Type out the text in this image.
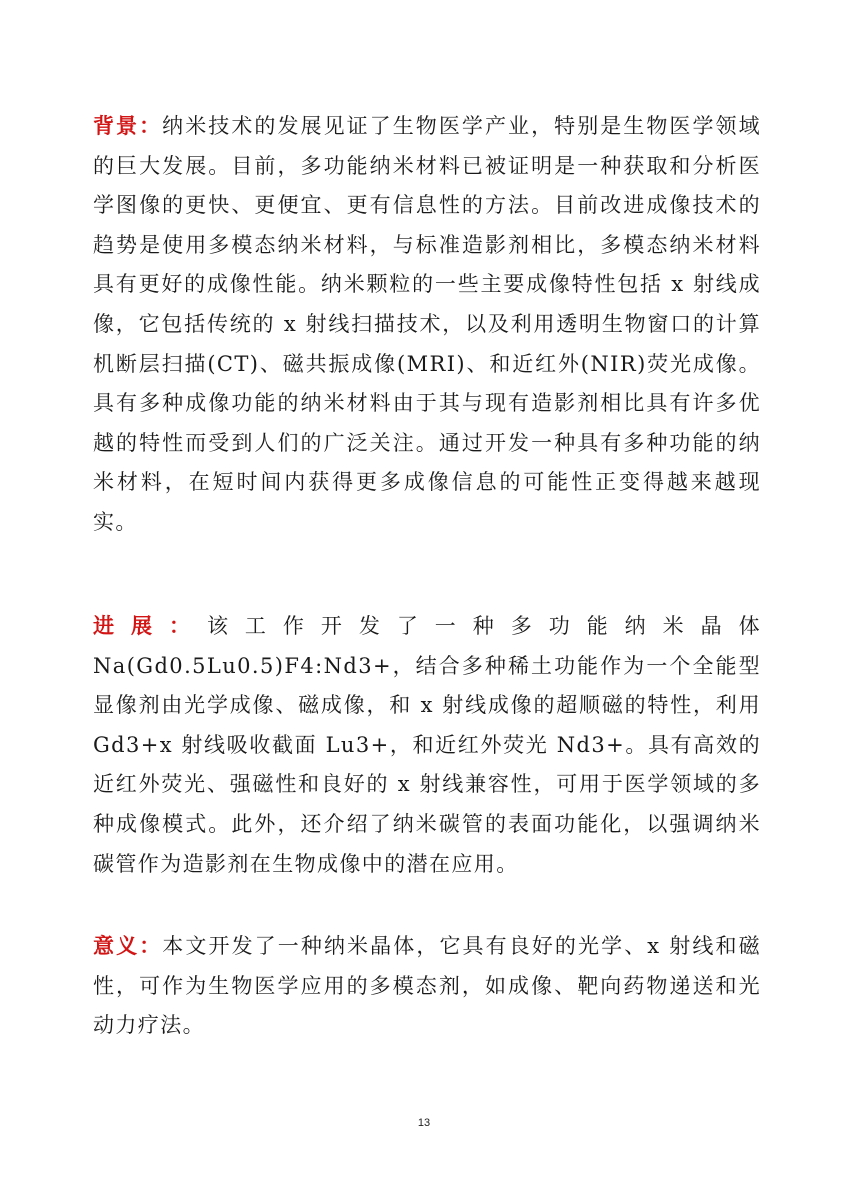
背景：纳米技术的发展见证了生物医学产业，特别是生物医学领域的巨大发展。目前，多功能纳米材料已被证明是一种获取和分析医学图像的更快、更便宜、更有信息性的方法。目前改进成像技术的趋势是使用多模态纳米材料，与标准造影剂相比，多模态纳米材料具有更好的成像性能。纳米颗粒的一些主要成像特性包括 x 射线成像，它包括传统的 x 射线扫描技术，以及利用透明生物窗口的计算机断层扫描(CT)、磁共振成像(MRI)、和近红外(NIR)荧光成像。具有多种成像功能的纳米材料由于其与现有造影剂相比具有许多优越的特性而受到人们的广泛关注。通过开发一种具有多种功能的纳米材料，在短时间内获得更多成像信息的可能性正变得越来越现实。

进展：该工作开发了一种多功能纳米晶体 Na(Gd0.5Lu0.5)F4:Nd3+，结合多种稀土功能作为一个全能型显像剂由光学成像、磁成像，和 x 射线成像的超顺磁的特性，利用 Gd3+x 射线吸收截面 Lu3+，和近红外荧光 Nd3+。具有高效的近红外荧光、强磁性和良好的 x 射线兼容性，可用于医学领域的多种成像模式。此外，还介绍了纳米碳管的表面功能化，以强调纳米碳管作为造影剂在生物成像中的潜在应用。

意义：本文开发了一种纳米晶体，它具有良好的光学、x 射线和磁性，可作为生物医学应用的多模态剂，如成像、靶向药物递送和光动力疗法。

13
